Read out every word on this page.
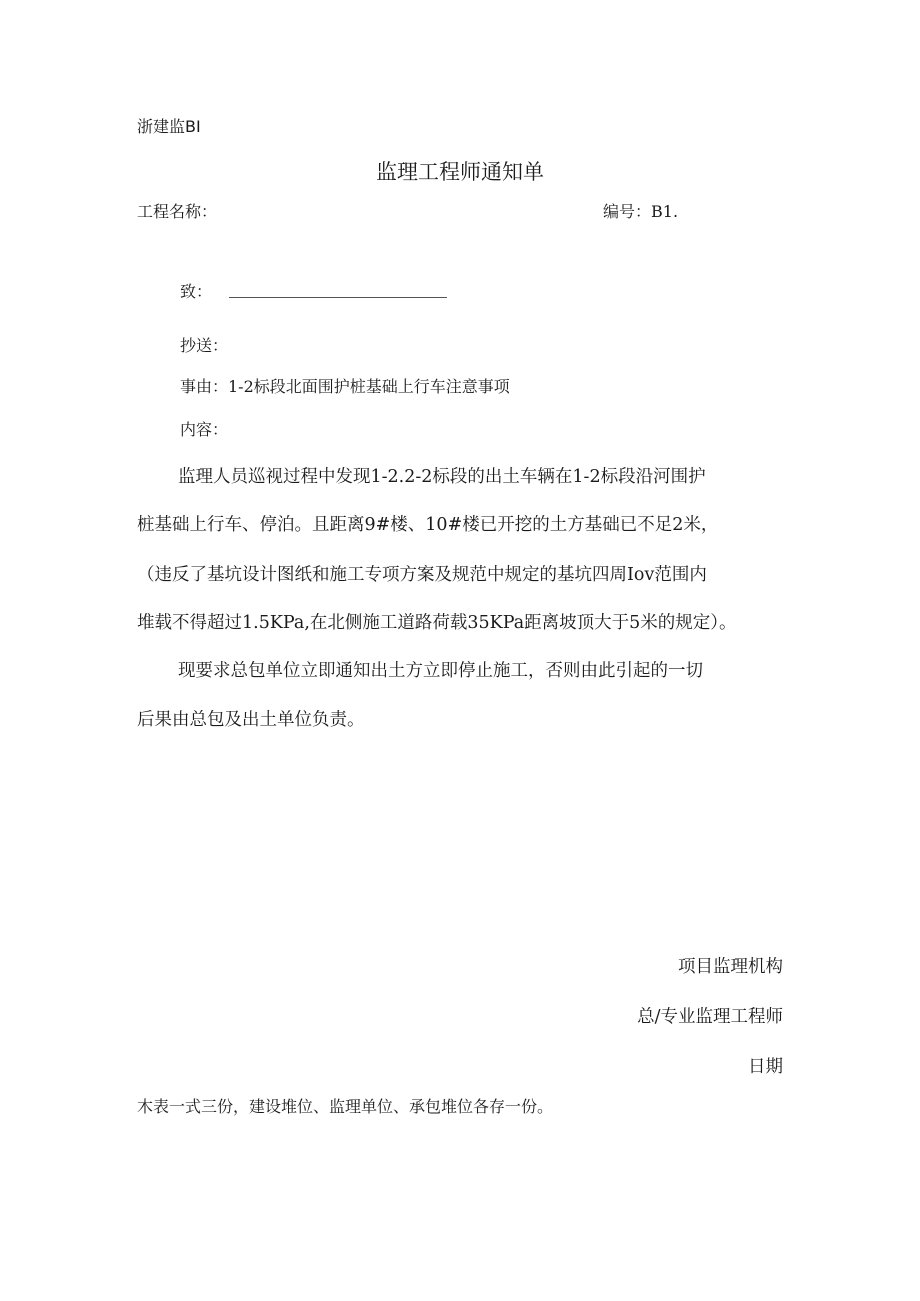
浙建监BI
监理工程师通知单
工程名称：	编号：B1.
致：
抄送：
事由：1-2标段北面围护桩基础上行车注意事项
内容：
监理人员巡视过程中发现1-2.2-2标段的出土车辆在1-2标段沿河围护
桩基础上行车、停泊。且距离9#楼、10#楼已开挖的土方基础已不足2米，
（违反了基坑设计图纸和施工专项方案及规范中规定的基坑四周Iov范围内
堆载不得超过1.5KPa,在北侧施工道路荷载35KPa距离坡顶大于5米的规定）。
现要求总包单位立即通知出土方立即停止施工，否则由此引起的一切
后果由总包及出土单位负责。
项目监理机构
总/专业监理工程师
日期
木表一式三份，建设堆位、监理单位、承包堆位各存一份。
